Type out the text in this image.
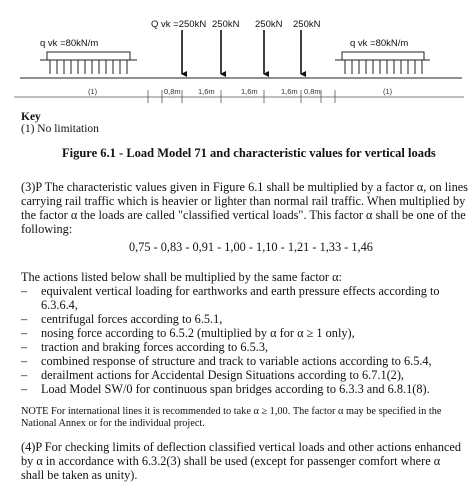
q vk =80kN/m	q vk =80kN/m
Q vk =250kN 250kN 250kN 250kN
(1)	0,8m 1,6m	1,6m	1,6m 0,8m	(1)
Key
(1) No limitation
Figure 6.1 - Load Model 71 and characteristic values for vertical loads
(3)P The characteristic values given in Figure 6.1 shall be multiplied by a factor α, on lines
carrying rail traffic which is heavier or lighter than normal rail traffic. When multiplied by
the factor α the loads are called "classified vertical loads". This factor α shall be one of the
following:
0,75 - 0,83 - 0,91 - 1,00 - 1,10 - 1,21 - 1,33 - 1,46
The actions listed below shall be multiplied by the same factor α:
– equivalent vertical loading for earthworks and earth pressure effects according to
6.3.6.4,
– centrifugal forces according to 6.5.1,
– nosing force according to 6.5.2 (multiplied by α for α ≥ 1 only),
– traction and braking forces according to 6.5.3,
– combined response of structure and track to variable actions according to 6.5.4,
– derailment actions for Accidental Design Situations according to 6.7.1(2),
– Load Model SW/0 for continuous span bridges according to 6.3.3 and 6.8.1(8).
NOTE For international lines it is recommended to take α ≥ 1,00. The factor α may be specified in the
National Annex or for the individual project.
(4)P For checking limits of deflection classified vertical loads and other actions enhanced
by α in accordance with 6.3.2(3) shall be used (except for passenger comfort where α
shall be taken as unity).
